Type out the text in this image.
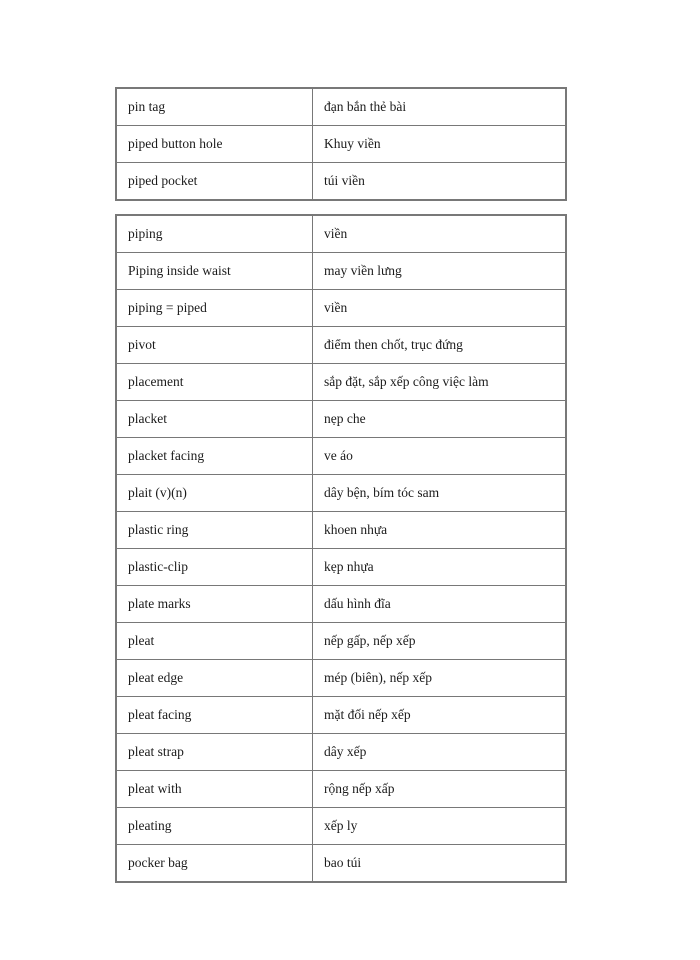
pin tag	đạn bắn thẻ bài
piped button hole	Khuy viền
piped pocket	túi viền
piping	viền
Piping inside waist	may viền lưng
piping = piped	viền
pivot	điểm then chốt, trục đứng
placement	sắp đặt, sắp xếp công việc làm
placket	nẹp che
placket facing	ve áo
plait (v)(n)	dây bện, bím tóc sam
plastic ring	khoen nhựa
plastic-clip	kẹp nhựa
plate marks	dấu hình đĩa
pleat	nếp gấp, nếp xếp
pleat edge	mép (biên), nếp xếp
pleat facing	mặt đối nếp xếp
pleat strap	dây xếp
pleat with	rộng nếp xấp
pleating	xếp ly
pocker bag	bao túi
